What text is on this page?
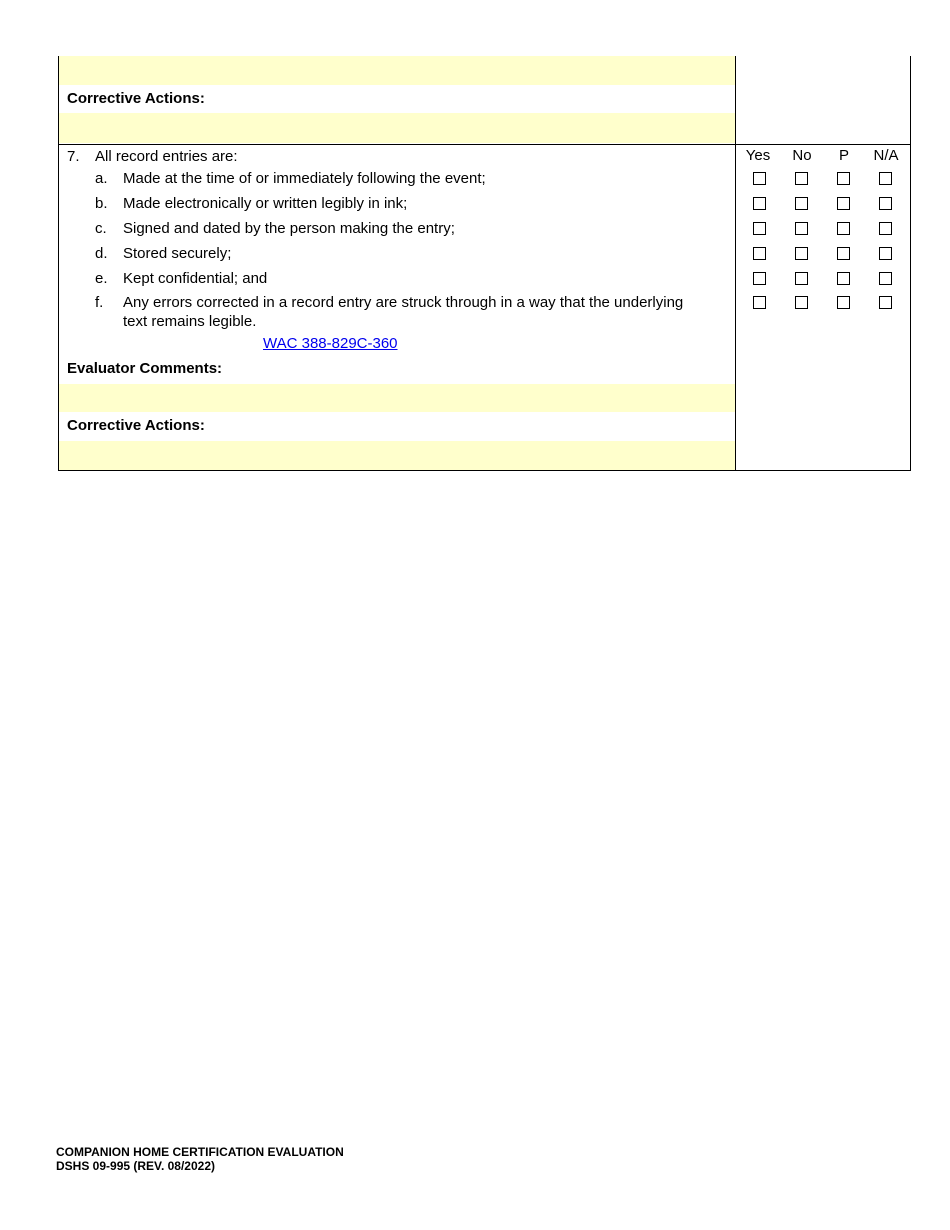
Corrective Actions:
7. All record entries are:	Yes	No	P	N/A
a. Made at the time of or immediately following the event;
b. Made electronically or written legibly in ink;
c. Signed and dated by the person making the entry;
d. Stored securely;
e. Kept confidential; and
f. Any errors corrected in a record entry are struck through in a way that the underlying
text remains legible.
WAC 388-829C-360
Evaluator Comments:
Corrective Actions:
COMPANION HOME CERTIFICATION EVALUATION
DSHS 09-995 (REV. 08/2022)
